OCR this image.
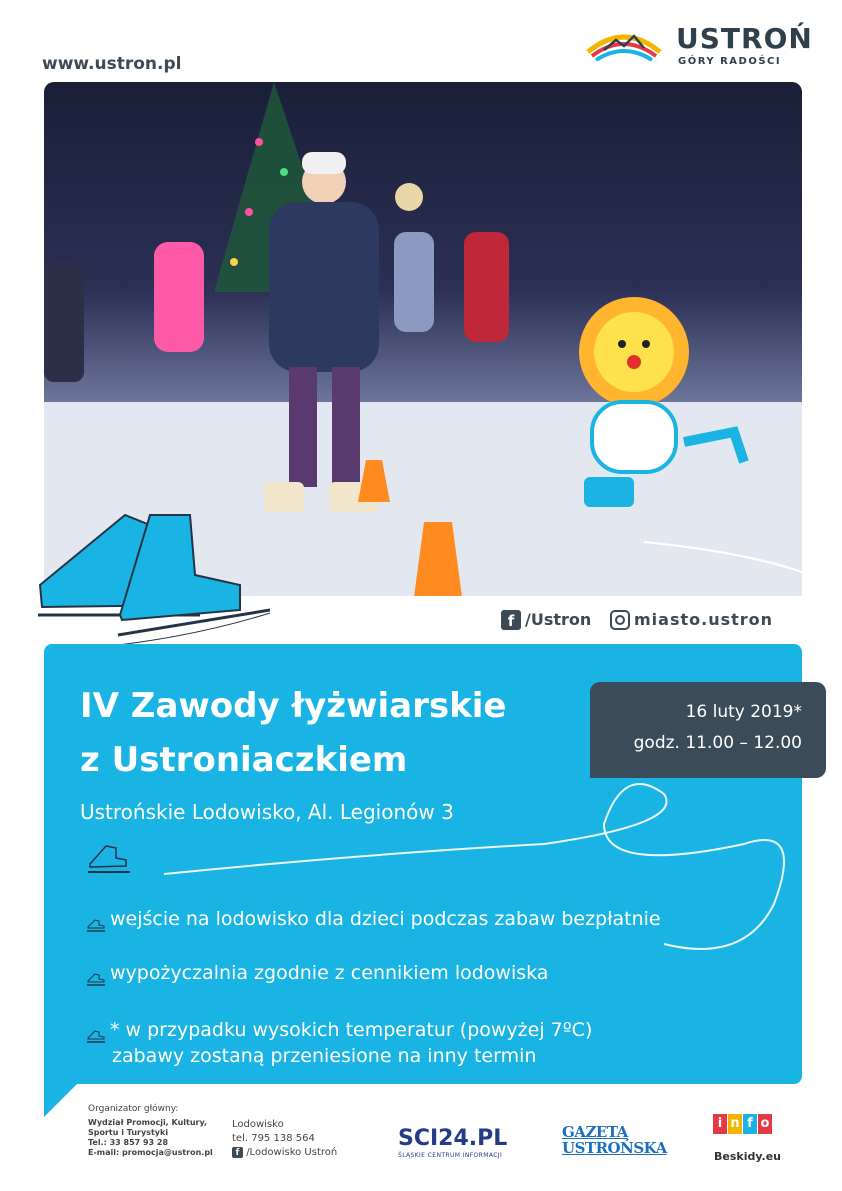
www.ustron.pl
USTROŃ
GÓRY RADOŚCI
f /Ustron	miasto.ustron
IV Zawody łyżwiarskie
z Ustroniaczkiem
Ustrońskie Lodowisko, Al. Legionów 3
16 luty 2019*
godz. 11.00 – 12.00
wejście na lodowisko dla dzieci podczas zabaw bezpłatnie
wypożyczalnia zgodnie z cennikiem lodowiska
* w przypadku wysokich temperatur (powyżej 7ºC)
zabawy zostaną przeniesione na inny termin
Organizator główny:
Wydział Promocji, Kultury,
Sportu i Turystyki
Tel.: 33 857 93 28
E-mail: promocja@ustron.pl
Lodowisko
tel. 795 138 564
f /Lodowisko Ustroń
SCI24.PL
ŚLĄSKIE CENTRUM INFORMACJI
GAZETA
USTROŃSKA
i n f o
Beskidy.eu
